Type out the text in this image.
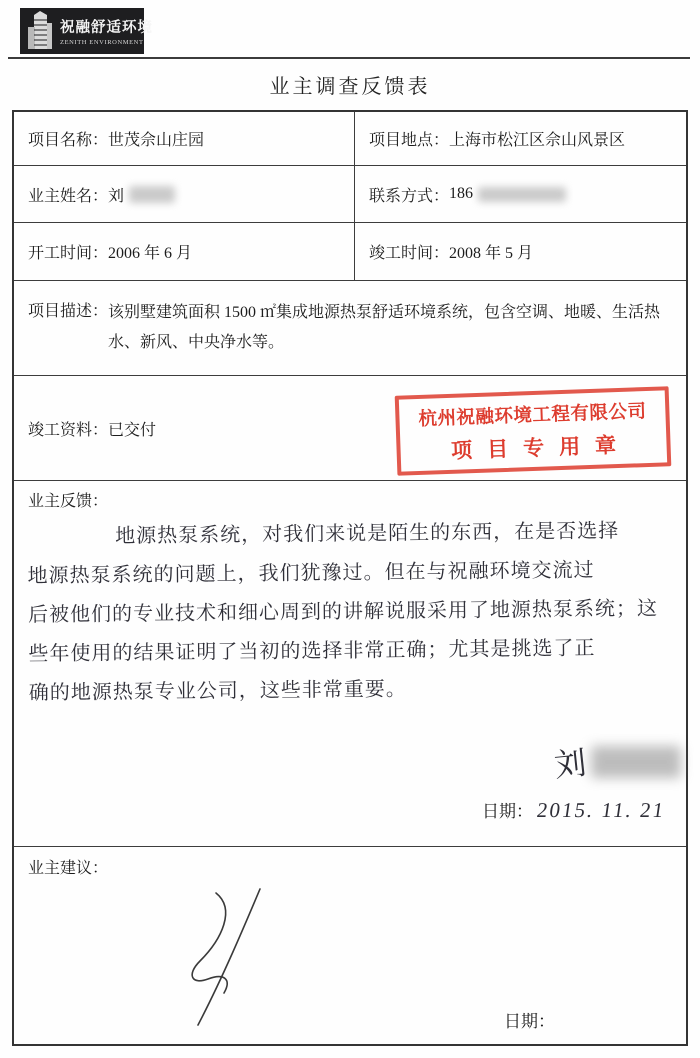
祝融舒适环境
ZENITH ENVIRONMENT
业主调查反馈表
项目名称： 世茂佘山庄园	项目地点： 上海市松江区佘山风景区
业主姓名： 刘	联系方式： 186
开工时间： 2006 年 6 月	竣工时间： 2008 年 5 月
项目描述： 该别墅建筑面积 1500 ㎡集成地源热泵舒适环境系统，包含空调、地暖、生活热水、新风、中央净水等。
竣工资料： 已交付
杭州祝融环境工程有限公司
项目专用章
业主反馈：
地源热泵系统，对我们来说是陌生的东西，在是否选择
地源热泵系统的问题上，我们犹豫过。但在与祝融环境交流过
后被他们的专业技术和细心周到的讲解说服采用了地源热泵系统；这
些年使用的结果证明了当初的选择非常正确；尤其是挑选了正
确的地源热泵专业公司，这些非常重要。
刘
日期： 2015. 11. 21
业主建议：
日期：
